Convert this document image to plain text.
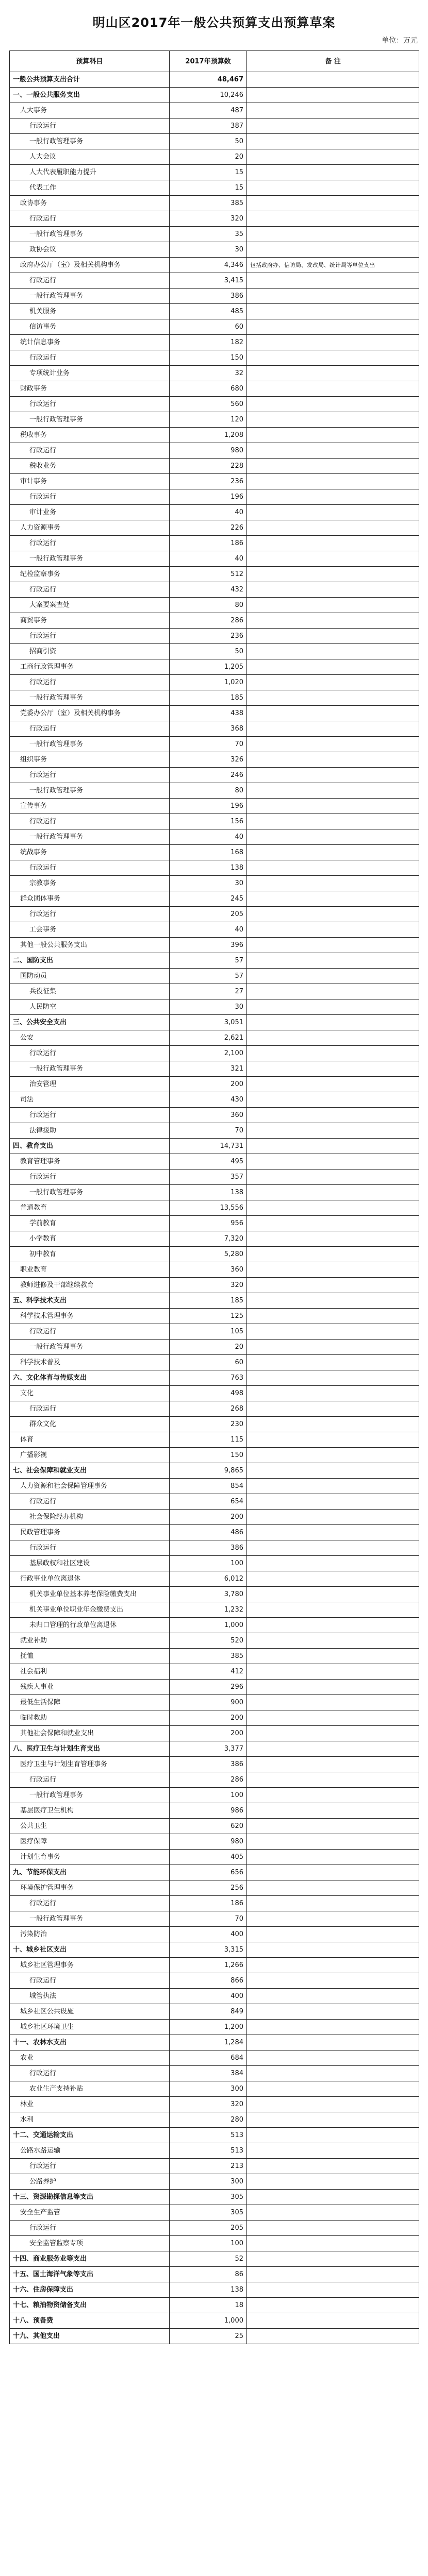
明山区2017年一般公共预算支出预算草案
单位：万元
预算科目	2017年预算数	备 注
一般公共预算支出合计	48,467	
一、一般公共服务支出	10,246	
人大事务	487	
行政运行	387	
一般行政管理事务	50	
人大会议	20	
人大代表履职能力提升	15	
代表工作	15	
政协事务	385	
行政运行	320	
一般行政管理事务	35	
政协会议	30	
政府办公厅（室）及相关机构事务	4,346	包括政府办、信访局、发改局、统计局等单位支出
行政运行	3,415	
一般行政管理事务	386	
机关服务	485	
信访事务	60	
统计信息事务	182	
行政运行	150	
专项统计业务	32	
财政事务	680	
行政运行	560	
一般行政管理事务	120	
税收事务	1,208	
行政运行	980	
税收业务	228	
审计事务	236	
行政运行	196	
审计业务	40	
人力资源事务	226	
行政运行	186	
一般行政管理事务	40	
纪检监察事务	512	
行政运行	432	
大案要案查处	80	
商贸事务	286	
行政运行	236	
招商引资	50	
工商行政管理事务	1,205	
行政运行	1,020	
一般行政管理事务	185	
党委办公厅（室）及相关机构事务	438	
行政运行	368	
一般行政管理事务	70	
组织事务	326	
行政运行	246	
一般行政管理事务	80	
宣传事务	196	
行政运行	156	
一般行政管理事务	40	
统战事务	168	
行政运行	138	
宗教事务	30	
群众团体事务	245	
行政运行	205	
工会事务	40	
其他一般公共服务支出	396	
二、国防支出	57	
国防动员	57	
兵役征集	27	
人民防空	30	
三、公共安全支出	3,051	
公安	2,621	
行政运行	2,100	
一般行政管理事务	321	
治安管理	200	
司法	430	
行政运行	360	
法律援助	70	
四、教育支出	14,731	
教育管理事务	495	
行政运行	357	
一般行政管理事务	138	
普通教育	13,556	
学前教育	956	
小学教育	7,320	
初中教育	5,280	
职业教育	360	
教师进修及干部继续教育	320	
五、科学技术支出	185	
科学技术管理事务	125	
行政运行	105	
一般行政管理事务	20	
科学技术普及	60	
六、文化体育与传媒支出	763	
文化	498	
行政运行	268	
群众文化	230	
体育	115	
广播影视	150	
七、社会保障和就业支出	9,865	
人力资源和社会保障管理事务	854	
行政运行	654	
社会保险经办机构	200	
民政管理事务	486	
行政运行	386	
基层政权和社区建设	100	
行政事业单位离退休	6,012	
机关事业单位基本养老保险缴费支出	3,780	
机关事业单位职业年金缴费支出	1,232	
未归口管理的行政单位离退休	1,000	
就业补助	520	
抚恤	385	
社会福利	412	
残疾人事业	296	
最低生活保障	900	
临时救助	200	
其他社会保障和就业支出	200	
八、医疗卫生与计划生育支出	3,377	
医疗卫生与计划生育管理事务	386	
行政运行	286	
一般行政管理事务	100	
基层医疗卫生机构	986	
公共卫生	620	
医疗保障	980	
计划生育事务	405	
九、节能环保支出	656	
环境保护管理事务	256	
行政运行	186	
一般行政管理事务	70	
污染防治	400	
十、城乡社区支出	3,315	
城乡社区管理事务	1,266	
行政运行	866	
城管执法	400	
城乡社区公共设施	849	
城乡社区环境卫生	1,200	
十一、农林水支出	1,284	
农业	684	
行政运行	384	
农业生产支持补贴	300	
林业	320	
水利	280	
十二、交通运输支出	513	
公路水路运输	513	
行政运行	213	
公路养护	300	
十三、资源勘探信息等支出	305	
安全生产监管	305	
行政运行	205	
安全监管监察专项	100	
十四、商业服务业等支出	52	
十五、国土海洋气象等支出	86	
十六、住房保障支出	138	
十七、粮油物资储备支出	18	
十八、预备费	1,000	
十九、其他支出	25	
